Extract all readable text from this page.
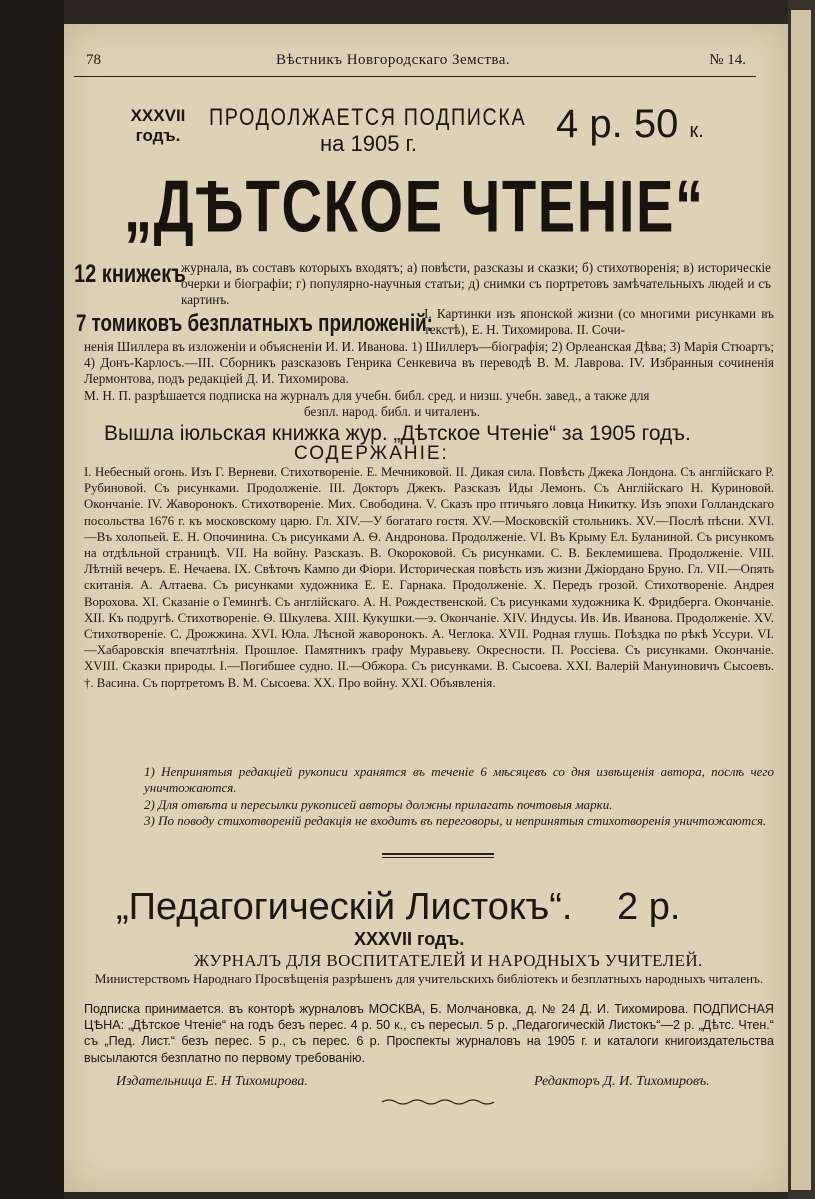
78	Вѣстникъ Новгородскаго Земства.	№ 14.
XXXVII годъ.
ПРОДОЛЖАЕТСЯ ПОДПИСКА
на 1905 г.	4 р. 50 к.
„ДѢТСКОЕ ЧТЕНІЕ“
12 книжекъ
журнала, въ составъ которыхъ входятъ; а) повѣсти, разсказы и сказки; б) стихотворенія; в) историческіе очерки и біографіи; г) популярно-научныя статьи; д) снимки съ портретовъ замѣчательныхъ людей и съ картинъ.
7 томиковъ безплатныхъ приложеній:
I. Картинки изъ японской жизни (со многими рисунками въ текстѣ), Е. Н. Тихомирова. II. Сочи-
ненія Шиллера въ изложеніи и объясненіи И. И. Иванова. 1) Шиллеръ—біографія; 2) Орлеанская Дѣва; 3) Марія Стюартъ; 4) Донъ-Карлосъ.—III. Сборникъ разсказовъ Генрика Сенкевича въ переводѣ В. М. Лаврова. IV. Избранныя сочиненія Лермонтова, подъ редакціей Д. И. Тихомирова.
М. Н. П. разрѣшается подписка на журналъ для учебн. библ. сред. и низш. учебн. завед., а также для
безпл. народ. библ. и читаленъ.
Вышла іюльская книжка жур. „Дѣтское Чтеніе“ за 1905 годъ.
СОДЕРЖАНІЕ:
I. Небесный огонь. Изъ Г. Верневи. Стихотвореніе. Е. Мечниковой. II. Дикая сила. Повѣсть Джека Лондона. Съ англійскаго Р. Рубиновой. Съ рисунками. Продолженіе. III. Докторъ Джекъ. Разсказъ Иды Лемонъ. Съ Англійскаго Н. Куриновой. Окончаніе. IV. Жаворонокъ. Стихотвореніе. Мих. Свободина. V. Сказъ про птичьяго ловца Никитку. Изъ эпохи Голландскаго посольства 1676 г. къ московскому царю. Гл. XIV.—У богатаго гостя. XV.—Московскій стольникъ. XV.—Послѣ пѣсни. XVI.—Въ холопьей. Е. Н. Опочинина. Съ рисунками А. Ѳ. Андронова. Продолженіе. VI. Въ Крыму Ел. Буланиной. Съ рисункомъ на отдѣльной страницѣ. VII. На войну. Разсказъ. В. Окороковой. Съ рисунками. С. В. Беклемишева. Продолженіе. VIII. Лѣтній вечеръ. Е. Нечаева. IX. Свѣточъ Кампо ди Фіори. Историческая повѣсть изъ жизни Джіордано Бруно. Гл. VII.—Опять скитанія. А. Алтаева. Съ рисунками художника Е. Е. Гарнака. Продолженіе. X. Передъ грозой. Стихотвореніе. Андрея Ворохова. XI. Сказаніе о Геминґѣ. Съ англійскаго. А. Н. Рождественской. Съ рисунками художника К. Фридберга. Окончаніе. XII. Къ подругѣ. Стихотвореніе. Ѳ. Шкулева. XIII. Кукушки.—э. Окончаніе. XIV. Индусы. Ив. Ив. Иванова. Продолженіе. XV. Стихотвореніе. С. Дрожжина. XVI. Юла. Лѣсной жаворонокъ. А. Чеглока. XVII. Родная глушь. Поѣздка по рѣкѣ Уссури. VI.—Хабаровскія впечатлѣнія. Прошлое. Памятникъ графу Муравьеву. Окресности. П. Россіева. Съ рисунками. Окончаніе. XVIII. Сказки природы. I.—Погибшее судно. II.—Обжора. Съ рисунками. В. Сысоева. XXI. Валерій Мануиновичъ Сысоевъ. †. Васина. Съ портретомъ В. М. Сысоева. XX. Про войну. XXI. Объявленія.
1) Непринятыя редакціей рукописи хранятся въ теченіе 6 мѣсяцевъ со дня извѣщенія автора, послѣ чего уничтожаются.
2) Для отвѣта и пересылки рукописей авторы должны прилагать почтовыя марки.
3) По поводу стихотвореній редакція не входитъ въ переговоры, и непринятыя стихотворенія уничтожаются.
„Педагогическій Листокъ“. 2 р.
XXXVII годъ.
ЖУРНАЛЪ ДЛЯ ВОСПИТАТЕЛЕЙ И НАРОДНЫХЪ УЧИТЕЛЕЙ.
Министерствомъ Народнаго Просвѣщенія разрѣшенъ для учительскихъ библіотекъ и безплатныхъ народныхъ читаленъ.
Подписка принимается. въ конторѣ журналовъ МОСКВА, Б. Молчановка, д. № 24 Д. И. Тихомирова. ПОДПИСНАЯ ЦѢНА: „Дѣтское Чтеніе“ на годъ безъ перес. 4 р. 50 к., съ пересыл. 5 р. „Педагогическій Листокъ“—2 р. „Дѣтс. Чтен.“ съ „Пед. Лист.“ безъ перес. 5 р., съ перес. 6 р. Проспекты журналовъ на 1905 г. и каталоги книгоиздательства высылаются безплатно по первому требованію.
Издательница Е. Н Тихомирова.	Редакторъ Д. И. Тихомировъ.
